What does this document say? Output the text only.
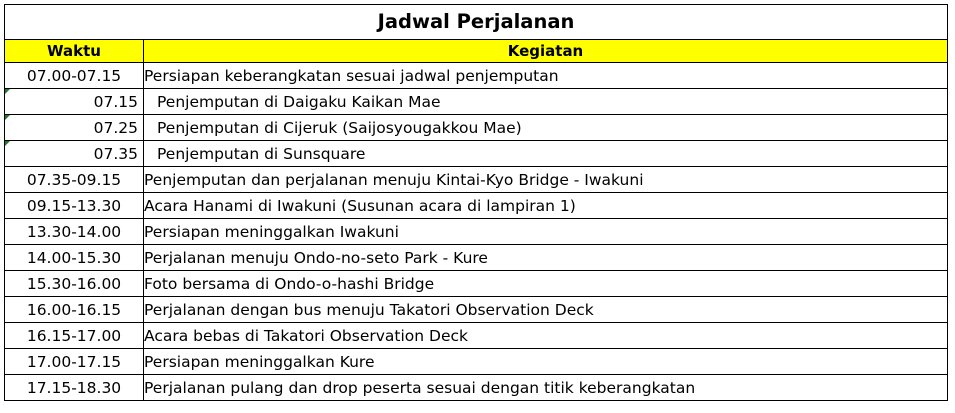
Jadwal Perjalanan	
Waktu	Kegiatan
07.00-07.15	Persiapan keberangkatan sesuai jadwal penjemputan

07.15	Penjemputan di Daigaku Kaikan Mae

07.25	Penjemputan di Cijeruk (Saijosyougakkou Mae)

07.35	Penjemputan di Sunsquare
07.35-09.15	Penjemputan dan perjalanan menuju Kintai-Kyo Bridge - Iwakuni
09.15-13.30	Acara Hanami di Iwakuni (Susunan acara di lampiran 1)
13.30-14.00	Persiapan meninggalkan Iwakuni
14.00-15.30	Perjalanan menuju Ondo-no-seto Park - Kure
15.30-16.00	Foto bersama di Ondo-o-hashi Bridge
16.00-16.15	Perjalanan dengan bus menuju Takatori Observation Deck
16.15-17.00	Acara bebas di Takatori Observation Deck
17.00-17.15	Persiapan meninggalkan Kure
17.15-18.30	Perjalanan pulang dan drop peserta sesuai dengan titik keberangkatan
